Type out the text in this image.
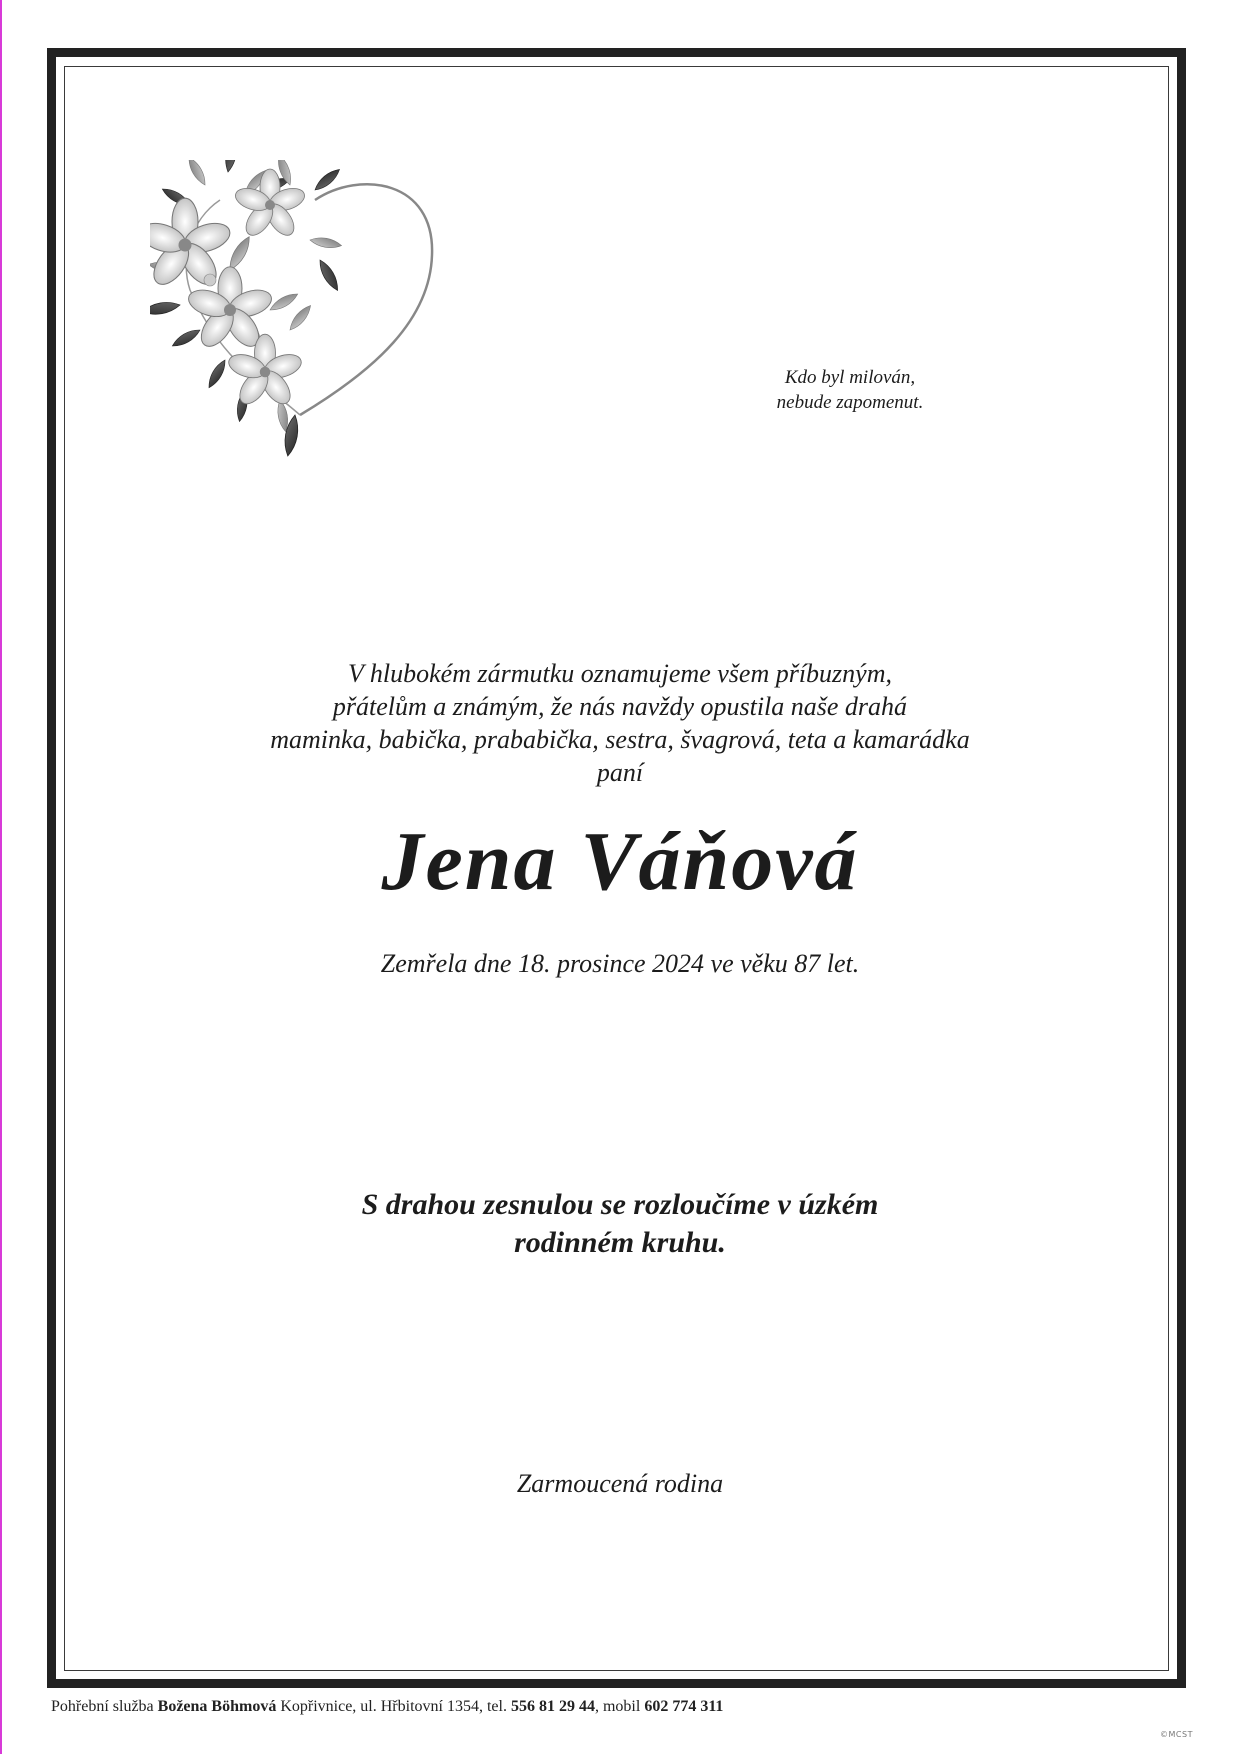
Kdo byl milován,
nebude zapomenut.
V hlubokém zármutku oznamujeme všem příbuzným,
přátelům a známým, že nás navždy opustila naše drahá
maminka, babička, prababička, sestra, švagrová, teta a kamarádka
paní
Jena Váňová
Zemřela dne 18. prosince 2024 ve věku 87 let.
S drahou zesnulou se rozloučíme v úzkém
rodinném kruhu.
Zarmoucená rodina
Pohřební služba Božena Böhmová Kopřivnice, ul. Hřbitovní 1354, tel. 556 81 29 44, mobil 602 774 311
©MCST
